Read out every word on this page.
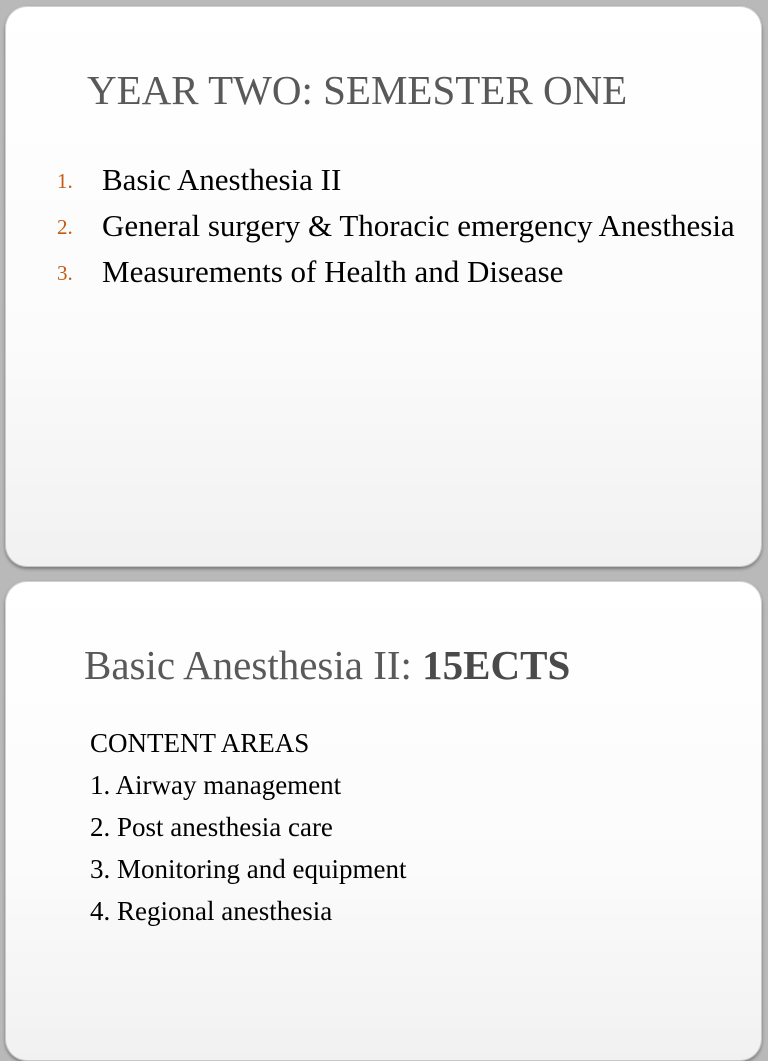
YEAR TWO: SEMESTER ONE
1. Basic Anesthesia II
2. General surgery & Thoracic emergency Anesthesia
3. Measurements of Health and Disease
Basic Anesthesia II: 15ECTS
CONTENT AREAS
1. Airway management
2. Post anesthesia care
3. Monitoring and equipment
4. Regional anesthesia
